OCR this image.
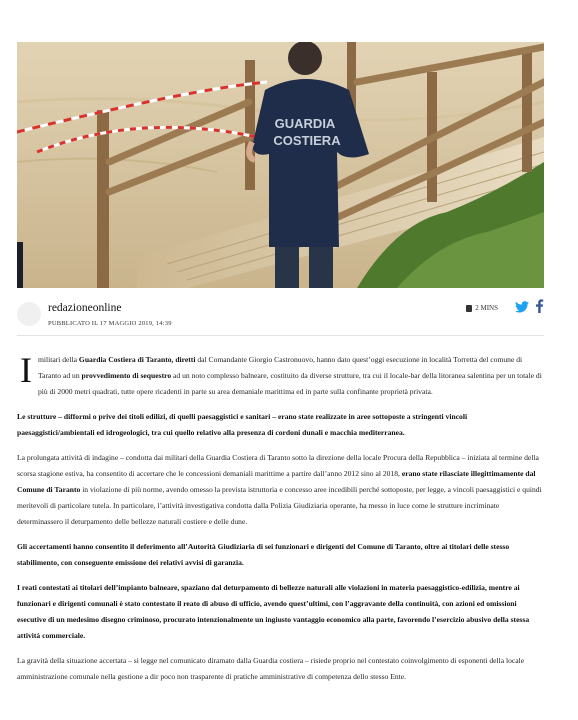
GUARDIA
COSTIERA
redazioneonline
PUBBLICATO IL 17 MAGGIO 2019, 14:39
2 MINS

I militari della Guardia Costiera di Taranto, diretti dal Comandante Giorgio Castronuovo, hanno dato quest’oggi esecuzione in località Torretta del comune di Taranto ad un provvedimento di sequestro ad un noto complesso balneare, costituito da diverse strutture, tra cui il locale-bar della litoranea salentina per un totale di più di 2000 metri quadrati, tutte opere ricadenti in parte su area demaniale marittima ed in parte sulla confinante proprietà privata.

Le strutture – difformi o prive dei titoli edilizi, di quelli paesaggistici e sanitari – erano state realizzate in aree sottoposte a stringenti vincoli paesaggistici/ambientali ed idrogeologici, tra cui quello relativo alla presenza di cordoni dunali e macchia mediterranea.

La prolungata attività di indagine – condotta dai militari della Guardia Costiera di Taranto sotto la direzione della locale Procura della Repubblica – iniziata al termine della scorsa stagione estiva, ha consentito di accertare che le concessioni demaniali marittime a partire dall’anno 2012 sino al 2018, erano state rilasciate illegittimamente dal Comune di Taranto in violazione di più norme, avendo omesso la prevista istruttoria e concesso aree incedibili perché sottoposte, per legge, a vincoli paesaggistici e quindi meritevoli di particolare tutela. In particolare, l’attività investigativa condotta dalla Polizia Giudiziaria operante, ha messo in luce come le strutture incriminate determinassero il deturpamento delle bellezze naturali costiere e delle dune.

Gli accertamenti hanno consentito il deferimento all’Autorità Giudiziaria di sei funzionari e dirigenti del Comune di Taranto, oltre ai titolari delle stesso stabilimento, con conseguente emissione dei relativi avvisi di garanzia.

I reati contestati ai titolari dell’impianto balneare, spaziano dal deturpamento di bellezze naturali alle violazioni in materia paesaggistico-edilizia, mentre ai funzionari e dirigenti comunali è stato contestato il reato di abuso di ufficio, avendo quest’ultimi, con l’aggravante della continuità, con azioni ed omissioni esecutive di un medesimo disegno criminoso, procurato intenzionalmente un ingiusto vantaggio economico alla parte, favorendo l’esercizio abusivo della stessa attività commerciale.

La gravità della situazione accertata – si legge nel comunicato diramato dalla Guardia costiera – risiede proprio nel contestato coinvolgimento di esponenti della locale amministrazione comunale nella gestione a dir poco non trasparente di pratiche amministrative di competenza dello stesso Ente.
